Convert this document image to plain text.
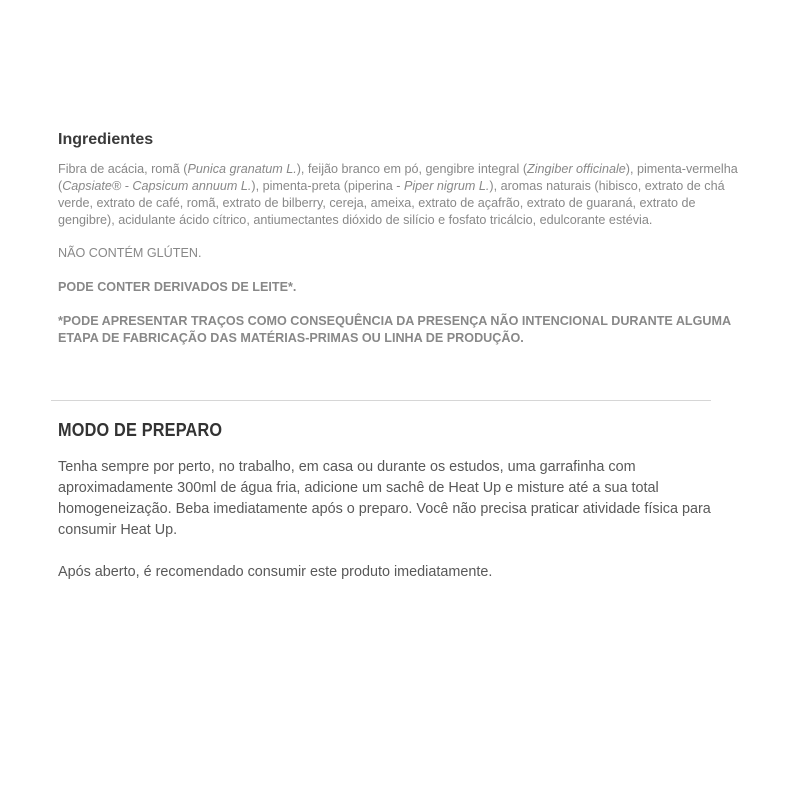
Ingredientes

Fibra de acácia, romã (Punica granatum L.), feijão branco em pó, gengibre integral (Zingiber officinale), pimenta-vermelha (Capsiate® - Capsicum annuum L.), pimenta-preta (piperina - Piper nigrum L.), aromas naturais (hibisco, extrato de chá verde, extrato de café, romã, extrato de bilberry, cereja, ameixa, extrato de açafrão, extrato de guaraná, extrato de gengibre), acidulante ácido cítrico, antiumectantes dióxido de silício e fosfato tricálcio, edulcorante estévia.

NÃO CONTÉM GLÚTEN.

PODE CONTER DERIVADOS DE LEITE*.

*PODE APRESENTAR TRAÇOS COMO CONSEQUÊNCIA DA PRESENÇA NÃO INTENCIONAL DURANTE ALGUMA ETAPA DE FABRICAÇÃO DAS MATÉRIAS-PRIMAS OU LINHA DE PRODUÇÃO.

MODO DE PREPARO

Tenha sempre por perto, no trabalho, em casa ou durante os estudos, uma garrafinha com aproximadamente 300ml de água fria, adicione um sachê de Heat Up e misture até a sua total homogeneização. Beba imediatamente após o preparo. Você não precisa praticar atividade física para consumir Heat Up.

Após aberto, é recomendado consumir este produto imediatamente.
